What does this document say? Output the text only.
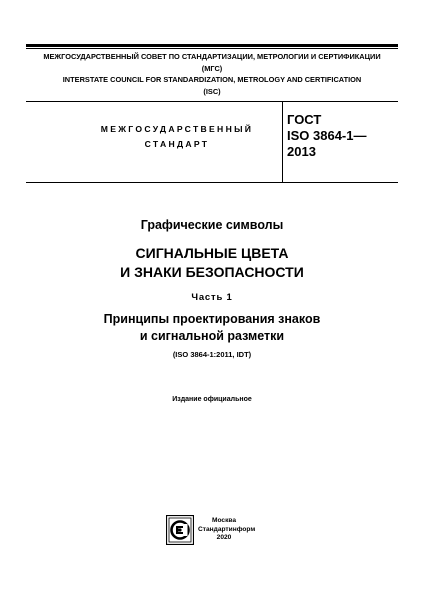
МЕЖГОСУДАРСТВЕННЫЙ СОВЕТ ПО СТАНДАРТИЗАЦИИ, МЕТРОЛОГИИ И СЕРТИФИКАЦИИ
(МГС)
INTERSTATE COUNCIL FOR STANDARDIZATION, METROLOGY AND CERTIFICATION
(ISC)
МЕЖГОСУДАРСТВЕННЫЙ
СТАНДАРТ
ГОСТ
ISO 3864-1—
2013
Графические символы
СИГНАЛЬНЫЕ ЦВЕТА
И ЗНАКИ БЕЗОПАСНОСТИ
Часть 1
Принципы проектирования знаков
и сигнальной разметки
(ISO 3864-1:2011, IDT)
Издание официальное
Москва
Стандартинформ
2020
